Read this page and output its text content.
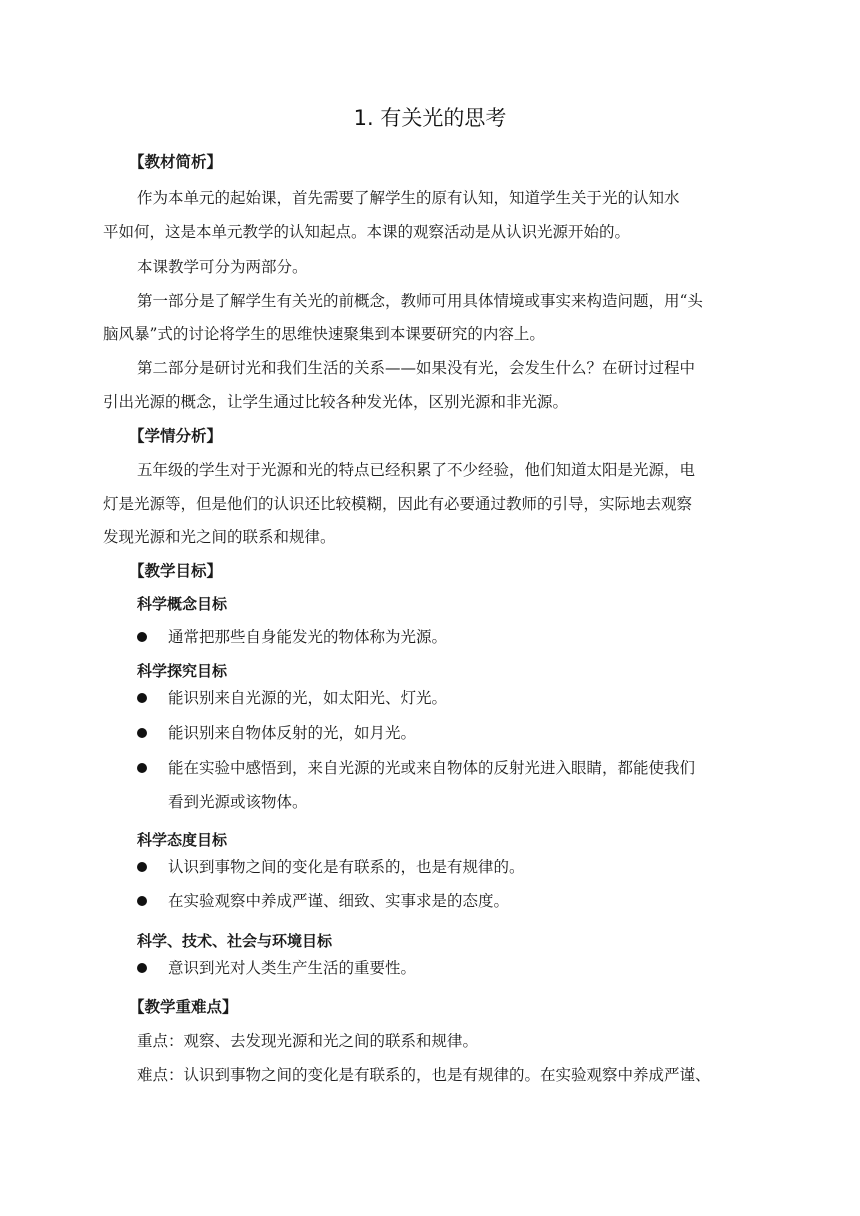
1. 有关光的思考
【教材简析】
作为本单元的起始课，首先需要了解学生的原有认知，知道学生关于光的认知水
平如何，这是本单元教学的认知起点。本课的观察活动是从认识光源开始的。
本课教学可分为两部分。
第一部分是了解学生有关光的前概念，教师可用具体情境或事实来构造问题，用“头
脑风暴”式的讨论将学生的思维快速聚集到本课要研究的内容上。
第二部分是研讨光和我们生活的关系——如果没有光，会发生什么？在研讨过程中
引出光源的概念，让学生通过比较各种发光体，区别光源和非光源。
【学情分析】
五年级的学生对于光源和光的特点已经积累了不少经验，他们知道太阳是光源，电
灯是光源等，但是他们的认识还比较模糊，因此有必要通过教师的引导，实际地去观察
发现光源和光之间的联系和规律。
【教学目标】
科学概念目标
通常把那些自身能发光的物体称为光源。
科学探究目标
能识别来自光源的光，如太阳光、灯光。
能识别来自物体反射的光，如月光。
能在实验中感悟到，来自光源的光或来自物体的反射光进入眼睛，都能使我们
看到光源或该物体。
科学态度目标
认识到事物之间的变化是有联系的，也是有规律的。
在实验观察中养成严谨、细致、实事求是的态度。
科学、技术、社会与环境目标
意识到光对人类生产生活的重要性。
【教学重难点】
重点：观察、去发现光源和光之间的联系和规律。
难点：认识到事物之间的变化是有联系的，也是有规律的。在实验观察中养成严谨、
